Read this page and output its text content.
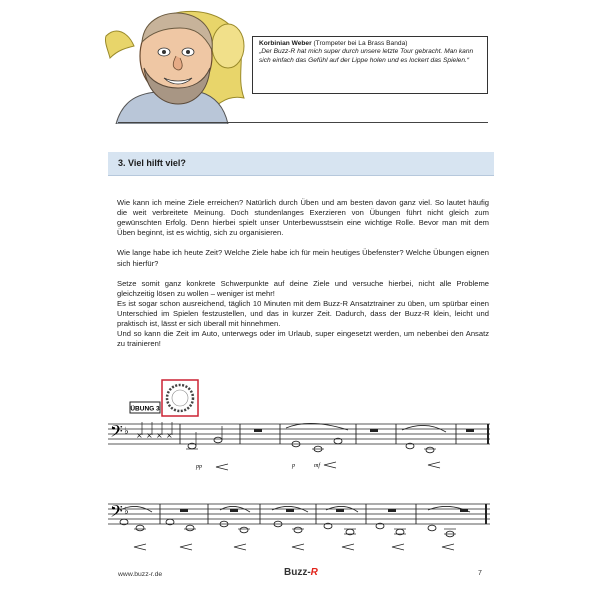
Korbinian Weber (Trompeter bei La Brass Banda)
„Der Buzz-R hat mich super durch unsere letzte Tour gebracht. Man kann sich einfach das Gefühl auf der Lippe holen und es lockert das Spielen.“
3. Viel hilft viel?

Wie kann ich meine Ziele erreichen? Natürlich durch Üben und am besten davon ganz viel. So lautet häufig die weit verbreitete Meinung. Doch stundenlanges Exerzieren von Übungen führt nicht gleich zum gewünschten Erfolg. Denn hierbei spielt unser Unterbewusstsein eine wichtige Rolle. Bevor man mit dem Üben beginnt, ist es wichtig, sich zu organisieren.

Wie lange habe ich heute Zeit? Welche Ziele habe ich für mein heutiges Übefenster? Welche Übungen eignen sich hierfür?

Setze somit ganz konkrete Schwerpunkte auf deine Ziele und versuche hierbei, nicht alle Probleme gleichzeitig lösen zu wollen – weniger ist mehr!

Es ist sogar schon ausreichend, täglich 10 Minuten mit dem Buzz-R Ansatztrainer zu üben, um spürbar einen Unterschied im Spielen festzustellen, und das in kurzer Zeit. Dadurch, dass der Buzz-R klein, leicht und praktisch ist, lässt er sich überall mit hinnehmen.

Und so kann die Zeit im Auto, unterwegs oder im Urlaub, super eingesetzt werden, um nebenbei den Ansatz zu trainieren!

ÜBUNG 3
𝄢
𝄢
♭
♭
× × × ×
pp	p	mf
www.buzz-r.de	Buzz-R	7
